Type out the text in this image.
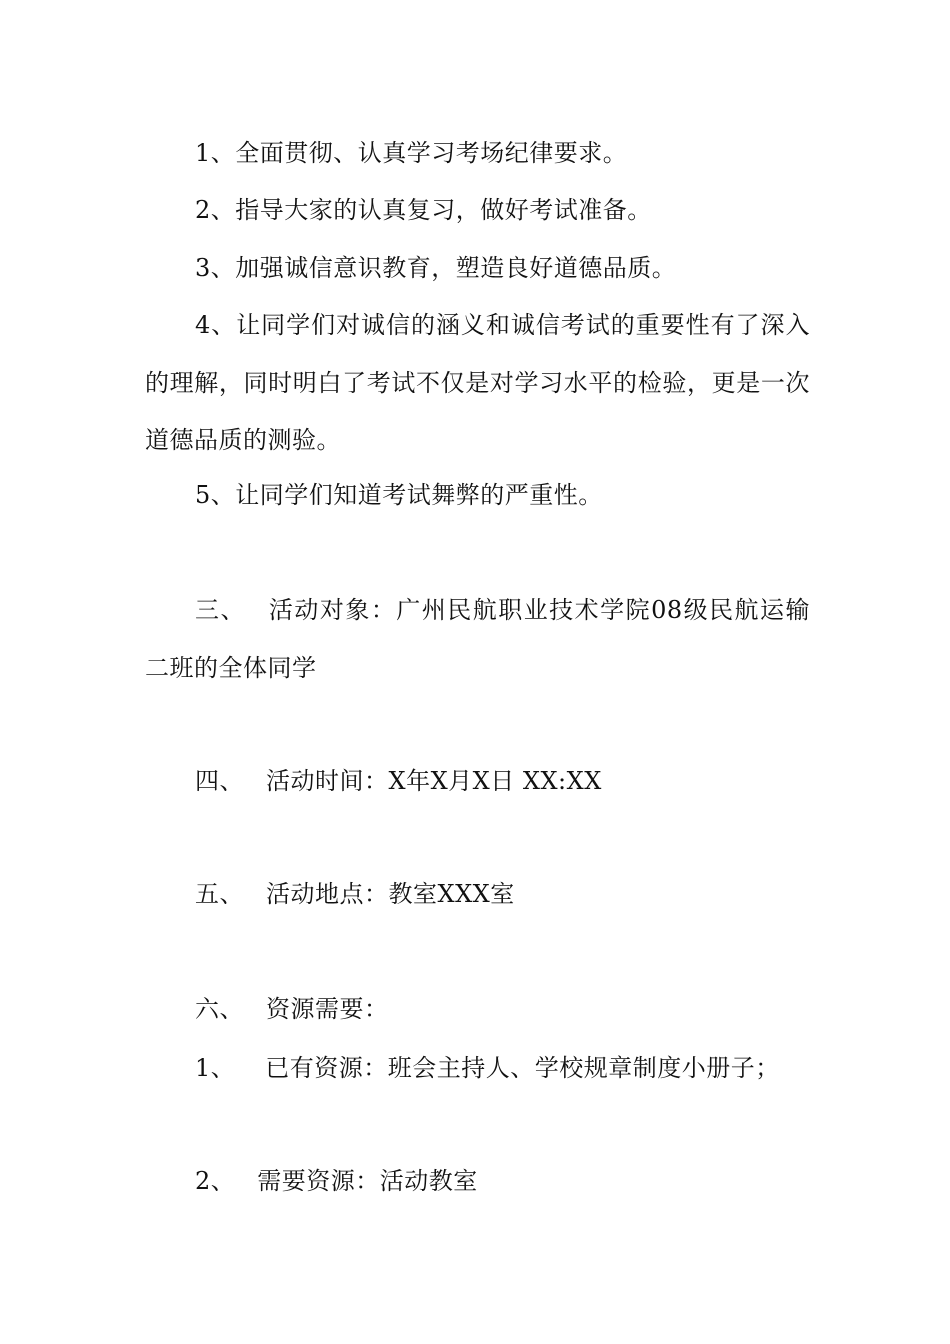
1、全面贯彻、认真学习考场纪律要求。
2、指导大家的认真复习，做好考试准备。
3、加强诚信意识教育，塑造良好道德品质。
4、让同学们对诚信的涵义和诚信考试的重要性有了深入的理解，同时明白了考试不仅是对学习水平的检验，更是一次道德品质的测验。
5、让同学们知道考试舞弊的严重性。
三、 活动对象：广州民航职业技术学院08级民航运输二班的全体同学
四、 活动时间：X年X月X日 XX:XX
五、 活动地点：教室XXX室
六、 资源需要：
1、 已有资源：班会主持人、学校规章制度小册子；
2、 需要资源：活动教室
